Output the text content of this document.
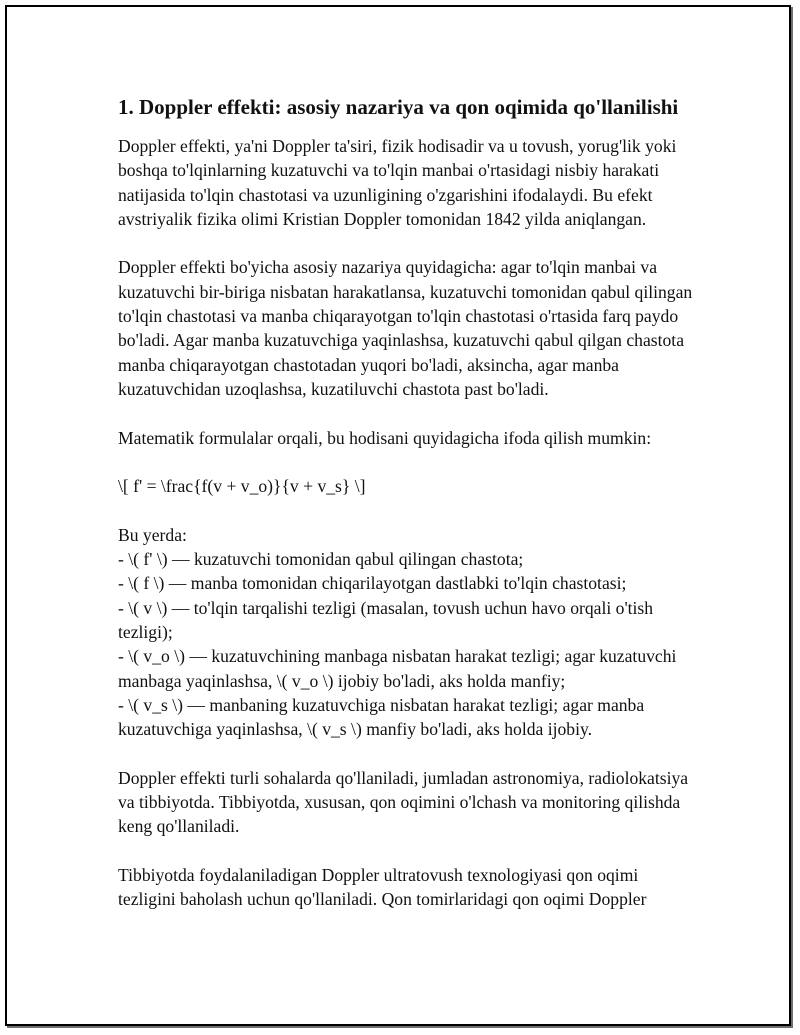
1. Doppler effekti: asosiy nazariya va qon oqimida qo'llanilishi

Doppler effekti, ya'ni Doppler ta'siri, fizik hodisadir va u tovush, yorug'lik yoki boshqa to'lqinlarning kuzatuvchi va to'lqin manbai o'rtasidagi nisbiy harakati natijasida to'lqin chastotasi va uzunligining o'zgarishini ifodalaydi. Bu efekt avstriyalik fizika olimi Kristian Doppler tomonidan 1842 yilda aniqlangan.

Doppler effekti bo'yicha asosiy nazariya quyidagicha: agar to'lqin manbai va kuzatuvchi bir-biriga nisbatan harakatlansa, kuzatuvchi tomonidan qabul qilingan to'lqin chastotasi va manba chiqarayotgan to'lqin chastotasi o'rtasida farq paydo bo'ladi. Agar manba kuzatuvchiga yaqinlashsa, kuzatuvchi qabul qilgan chastota manba chiqarayotgan chastotadan yuqori bo'ladi, aksincha, agar manba kuzatuvchidan uzoqlashsa, kuzatiluvchi chastota past bo'ladi.

Matematik formulalar orqali, bu hodisani quyidagicha ifoda qilish mumkin:

\[ f' = \frac{f(v + v_o)}{v + v_s} \]

Bu yerda:
- \( f' \) — kuzatuvchi tomonidan qabul qilingan chastota;
- \( f \) — manba tomonidan chiqarilayotgan dastlabki to'lqin chastotasi;
- \( v \) — to'lqin tarqalishi tezligi (masalan, tovush uchun havo orqali o'tish tezligi);
- \( v_o \) — kuzatuvchining manbaga nisbatan harakat tezligi; agar kuzatuvchi manbaga yaqinlashsa, \( v_o \) ijobiy bo'ladi, aks holda manfiy;
- \( v_s \) — manbaning kuzatuvchiga nisbatan harakat tezligi; agar manba kuzatuvchiga yaqinlashsa, \( v_s \) manfiy bo'ladi, aks holda ijobiy.

Doppler effekti turli sohalarda qo'llaniladi, jumladan astronomiya, radiolokatsiya va tibbiyotda. Tibbiyotda, xususan, qon oqimini o'lchash va monitoring qilishda keng qo'llaniladi.

Tibbiyotda foydalaniladigan Doppler ultratovush texnologiyasi qon oqimi tezligini baholash uchun qo'llaniladi. Qon tomirlaridagi qon oqimi Doppler
